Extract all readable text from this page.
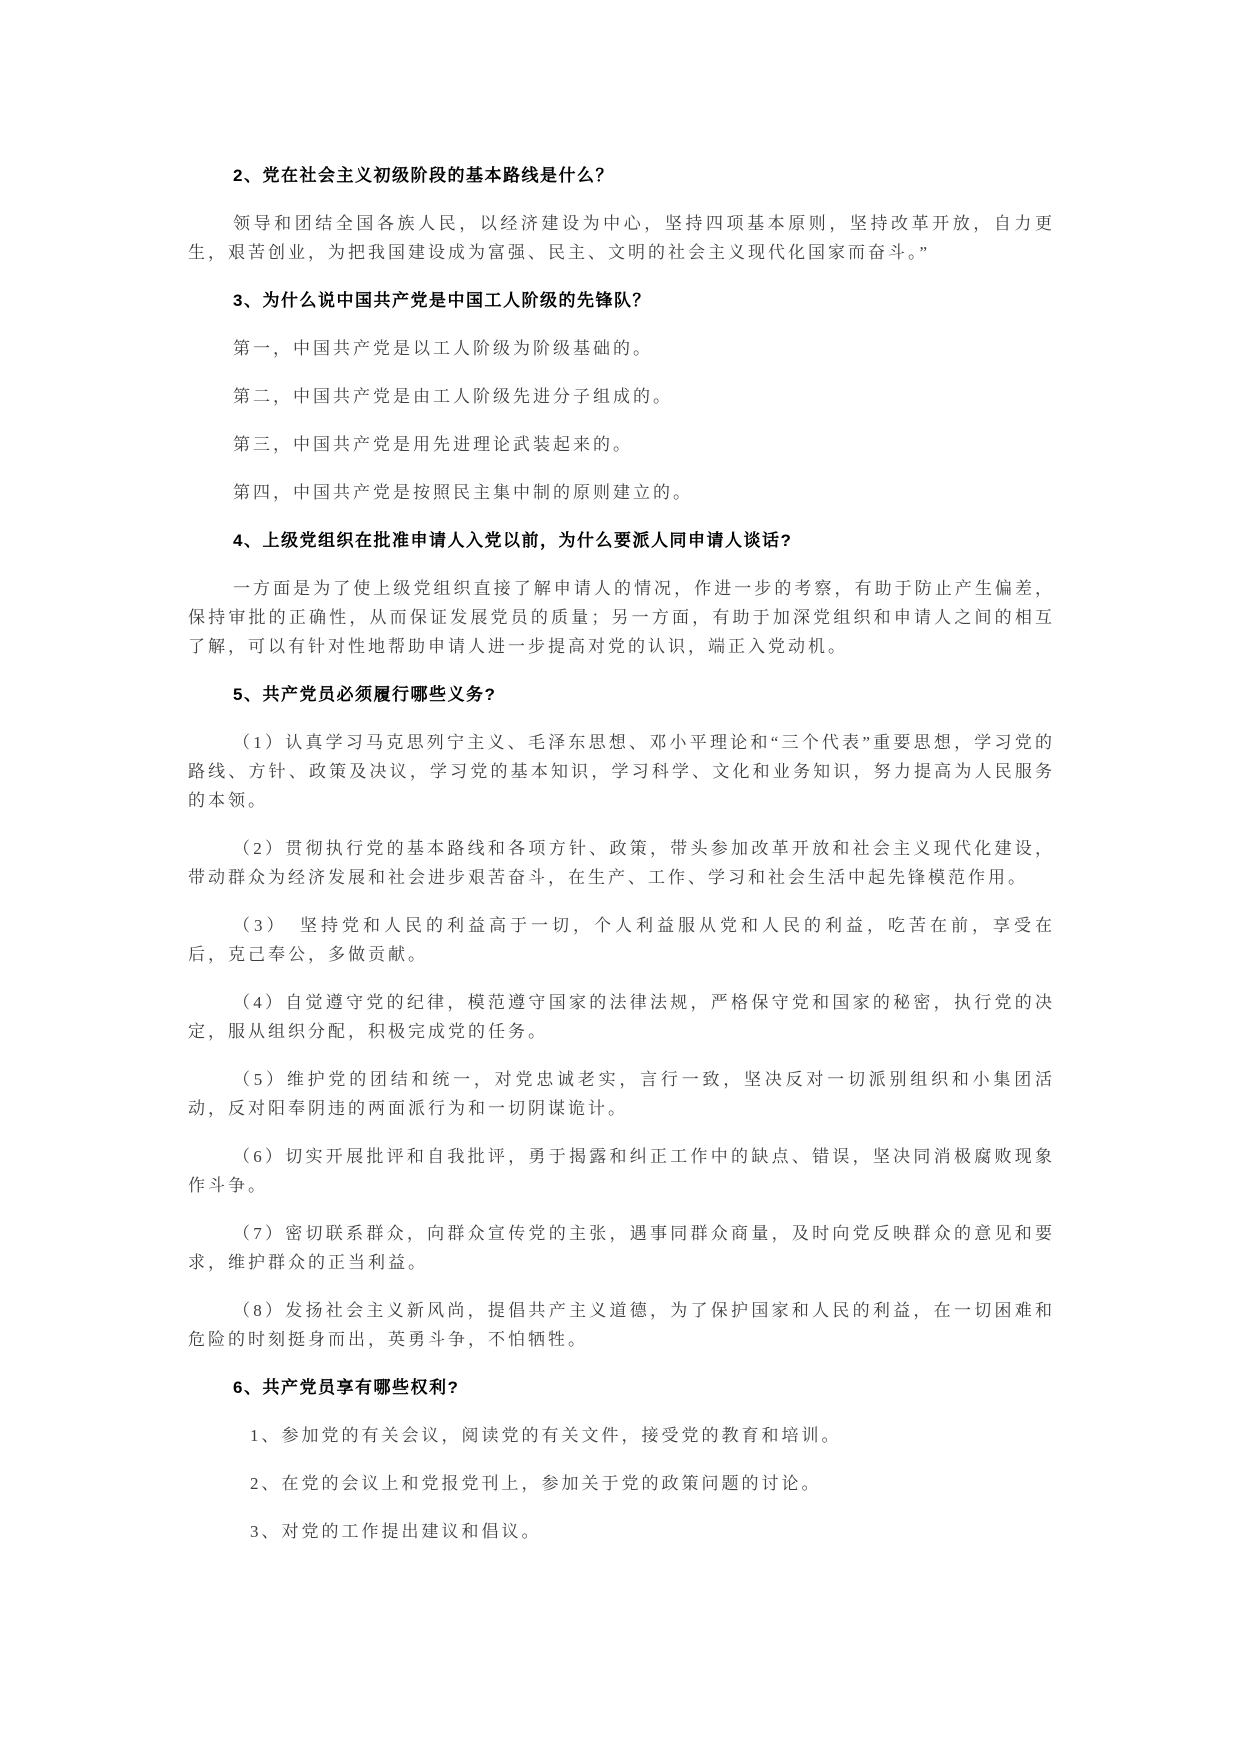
2、党在社会主义初级阶段的基本路线是什么？

领导和团结全国各族人民，以经济建设为中心，坚持四项基本原则，坚持改革开放，自力更生，艰苦创业，为把我国建设成为富强、民主、文明的社会主义现代化国家而奋斗。”

3、为什么说中国共产党是中国工人阶级的先锋队？

第一，中国共产党是以工人阶级为阶级基础的。

第二，中国共产党是由工人阶级先进分子组成的。

第三，中国共产党是用先进理论武装起来的。

第四，中国共产党是按照民主集中制的原则建立的。

4、上级党组织在批准申请人入党以前，为什么要派人同申请人谈话?

一方面是为了使上级党组织直接了解申请人的情况，作进一步的考察，有助于防止产生偏差，保持审批的正确性，从而保证发展党员的质量；另一方面，有助于加深党组织和申请人之间的相互了解，可以有针对性地帮助申请人进一步提高对党的认识，端正入党动机。

5、共产党员必须履行哪些义务?

（1）认真学习马克思列宁主义、毛泽东思想、邓小平理论和“三个代表”重要思想，学习党的路线、方针、政策及决议，学习党的基本知识，学习科学、文化和业务知识，努力提高为人民服务的本领。

（2）贯彻执行党的基本路线和各项方针、政策，带头参加改革开放和社会主义现代化建设，带动群众为经济发展和社会进步艰苦奋斗，在生产、工作、学习和社会生活中起先锋模范作用。

（3）　坚持党和人民的利益高于一切，个人利益服从党和人民的利益，吃苦在前，享受在后，克己奉公，多做贡献。

（4）自觉遵守党的纪律，模范遵守国家的法律法规，严格保守党和国家的秘密，执行党的决定，服从组织分配，积极完成党的任务。

（5）维护党的团结和统一，对党忠诚老实，言行一致，坚决反对一切派别组织和小集团活动，反对阳奉阴违的两面派行为和一切阴谋诡计。

（6）切实开展批评和自我批评，勇于揭露和纠正工作中的缺点、错误，坚决同消极腐败现象作斗争。

（7）密切联系群众，向群众宣传党的主张，遇事同群众商量，及时向党反映群众的意见和要求，维护群众的正当利益。

（8）发扬社会主义新风尚，提倡共产主义道德，为了保护国家和人民的利益，在一切困难和危险的时刻挺身而出，英勇斗争，不怕牺牲。

6、共产党员享有哪些权利?

1、参加党的有关会议，阅读党的有关文件，接受党的教育和培训。

2、在党的会议上和党报党刊上，参加关于党的政策问题的讨论。

3、对党的工作提出建议和倡议。
